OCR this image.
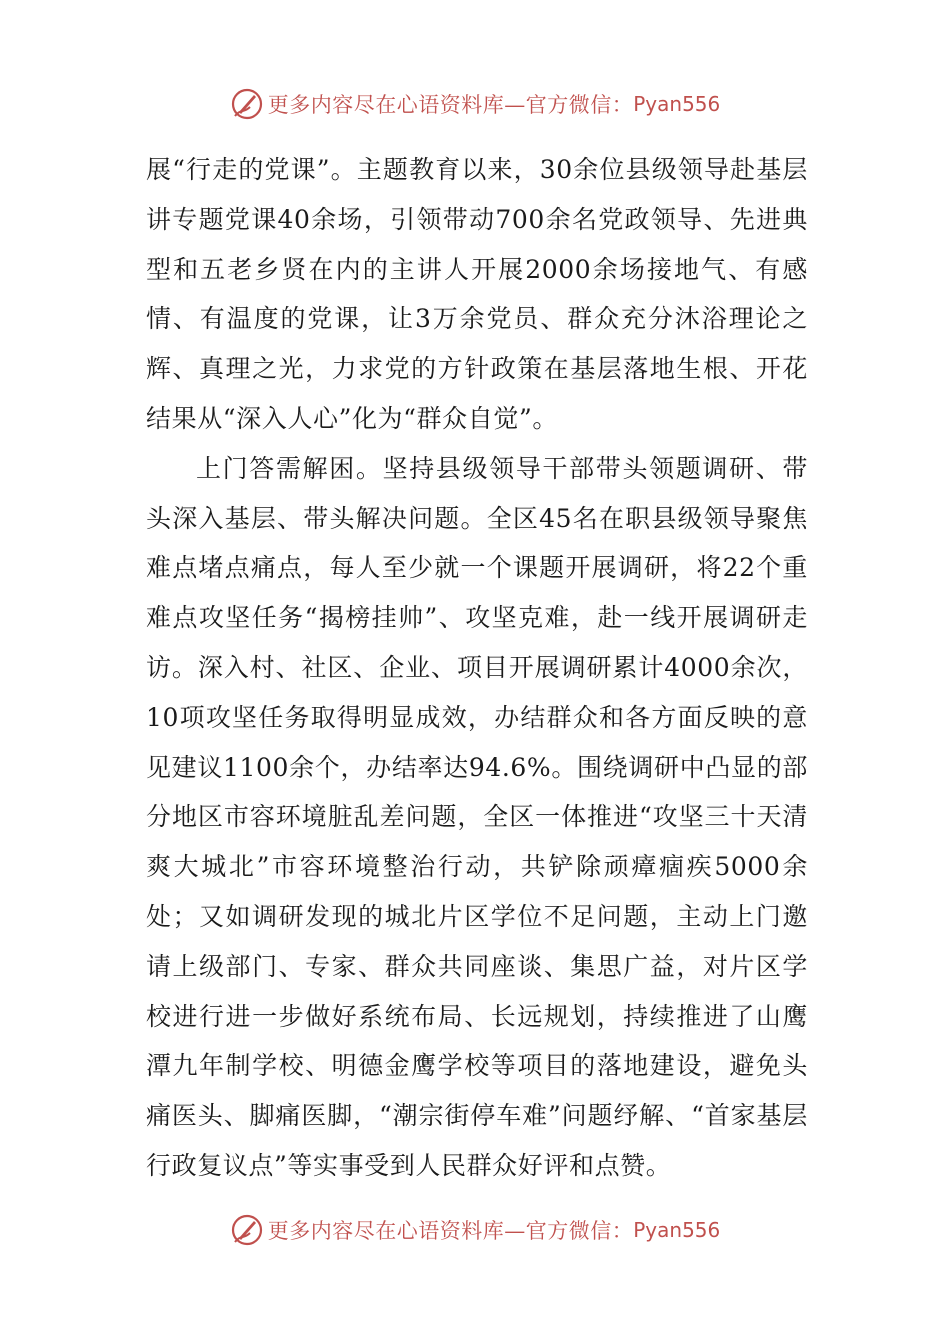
更多内容尽在心语资料库—官方微信： Pyan556

展“行走的党课”。主题教育以来，30余位县级领导赴基层讲专题党课40余场，引领带动700余名党政领导、先进典型和五老乡贤在内的主讲人开展2000余场接地气、有感情、有温度的党课，让3万余党员、群众充分沐浴理论之辉、真理之光，力求党的方针政策在基层落地生根、开花结果从“深入人心”化为“群众自觉”。

上门答需解困。坚持县级领导干部带头领题调研、带头深入基层、带头解决问题。全区45名在职县级领导聚焦难点堵点痛点，每人至少就一个课题开展调研，将22个重难点攻坚任务“揭榜挂帅”、攻坚克难，赴一线开展调研走访。深入村、社区、企业、项目开展调研累计4000余次，10项攻坚任务取得明显成效，办结群众和各方面反映的意见建议1100余个，办结率达94.6%。围绕调研中凸显的部分地区市容环境脏乱差问题，全区一体推进“攻坚三十天清爽大城北”市容环境整治行动，共铲除顽瘴痼疾5000余处；又如调研发现的城北片区学位不足问题，主动上门邀请上级部门、专家、群众共同座谈、集思广益，对片区学校进行进一步做好系统布局、长远规划，持续推进了山鹰潭九年制学校、明德金鹰学校等项目的落地建设，避免头痛医头、脚痛医脚，“潮宗街停车难”问题纾解、“首家基层行政复议点”等实事受到人民群众好评和点赞。

更多内容尽在心语资料库—官方微信： Pyan556
